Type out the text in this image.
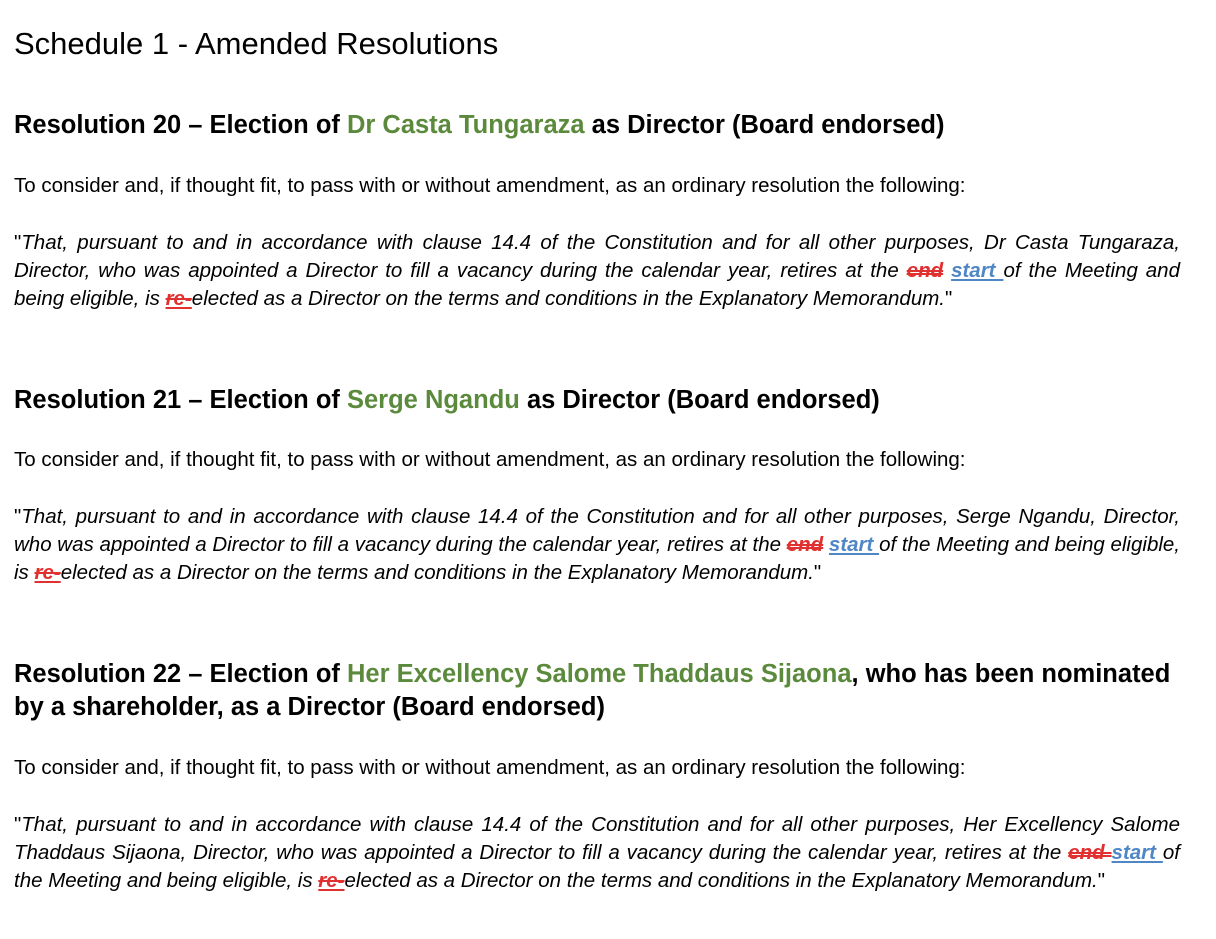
Schedule 1 - Amended Resolutions
Resolution 20 – Election of Dr Casta Tungaraza as Director (Board endorsed)

To consider and, if thought fit, to pass with or without amendment, as an ordinary resolution the following:

"That, pursuant to and in accordance with clause 14.4 of the Constitution and for all other purposes, Dr Casta Tungaraza, Director, who was appointed a Director to fill a vacancy during the calendar year, retires at the end start of the Meeting and being eligible, is re-elected as a Director on the terms and conditions in the Explanatory Memorandum."

Resolution 21 – Election of Serge Ngandu as Director (Board endorsed)

To consider and, if thought fit, to pass with or without amendment, as an ordinary resolution the following:

"That, pursuant to and in accordance with clause 14.4 of the Constitution and for all other purposes, Serge Ngandu, Director, who was appointed a Director to fill a vacancy during the calendar year, retires at the end start of the Meeting and being eligible, is re-elected as a Director on the terms and conditions in the Explanatory Memorandum."

Resolution 22 – Election of Her Excellency Salome Thaddaus Sijaona, who has been nominated by a shareholder, as a Director (Board endorsed)

To consider and, if thought fit, to pass with or without amendment, as an ordinary resolution the following:

"That, pursuant to and in accordance with clause 14.4 of the Constitution and for all other purposes, Her Excellency Salome Thaddaus Sijaona, Director, who was appointed a Director to fill a vacancy during the calendar year, retires at the end start of the Meeting and being eligible, is re-elected as a Director on the terms and conditions in the Explanatory Memorandum."
